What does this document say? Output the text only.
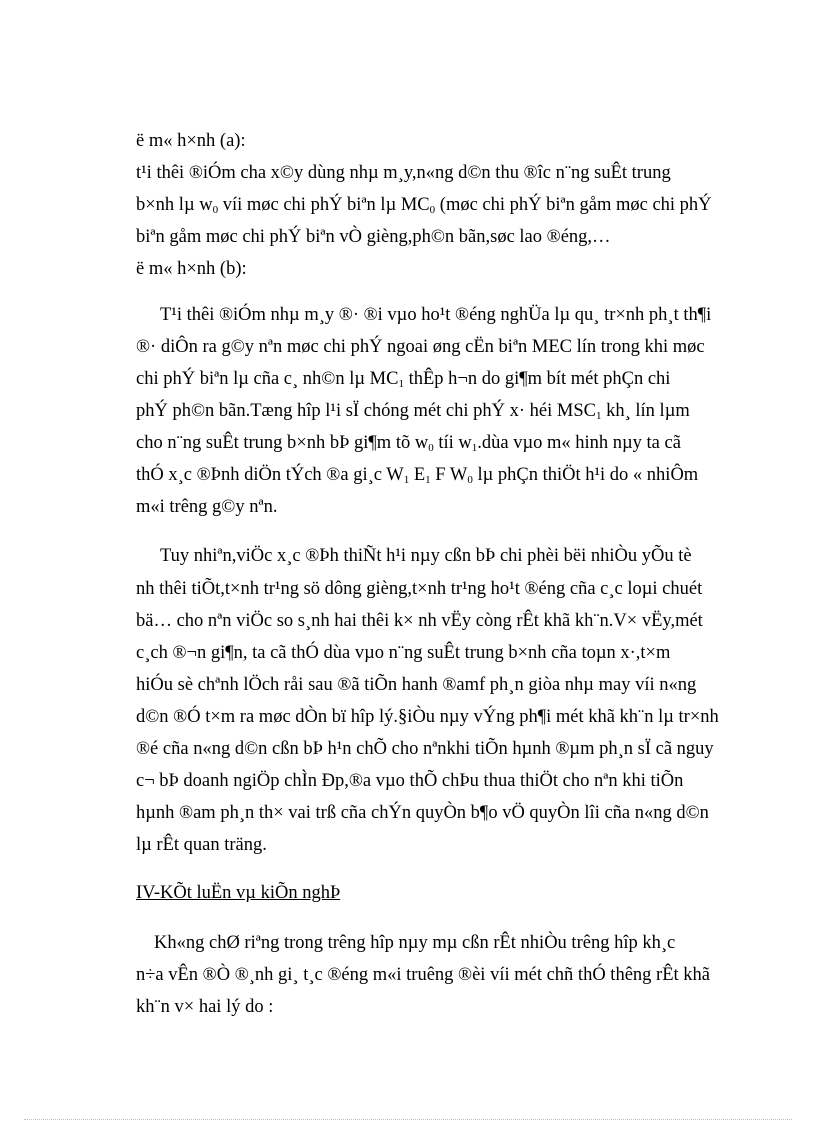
ë m« h×nh (a):
t¹i thêi ®iÓm cha x©y dùng nhµ m¸y,n«ng d©n thu ®îc n¨ng suÊt trung
b×nh lµ $w_0$ víi møc chi phÝ biªn lµ $MC_0$ (møc chi phÝ biªn gåm møc chi phÝ
biªn gåm møc chi phÝ biªn vÒ gièng,ph©n bãn,søc lao ®éng,…
ë m« h×nh (b):
T¹i thêi ®iÓm nhµ m¸y ®· ®i vµo ho¹t ®éng nghÜa lµ qu¸ tr×nh ph¸t th¶i
®· diÔn ra g©y nªn møc chi phÝ ngoai øng cËn biªn MEC lín trong khi møc
chi phÝ biªn lµ cña c¸ nh©n lµ $MC_1$ thÊp h¬n do gi¶m bít mét phÇn chi
phÝ ph©n bãn.Tæng hîp l¹i sÏ chóng mét chi phÝ x· héi $MSC_1$ kh¸ lín lµm
cho n¨ng suÊt trung b×nh bÞ gi¶m tõ $w_0$ tíi $w_1.dùa$ vµo m« hinh nµy ta cã
thÓ x¸c ®Þnh diÖn tÝch ®a gi¸c $W_1$ $E_1$ F $W_0$ lµ phÇn thiÖt h¹i do « nhiÔm
m«i trêng g©y nªn.
Tuy nhiªn,viÖc x¸c ®Þh thiÑt h¹i nµy cßn bÞ chi phèi bëi nhiÒu yÕu tè
nh thêi tiÕt,t×nh tr¹ng sö dông gièng,t×nh tr¹ng ho¹t ®éng cña c¸c loµi chuét
bä… cho nªn viÖc so s¸nh hai thêi k× nh vËy còng rÊt khã kh¨n.V× vËy,mét
c¸ch ®¬n gi¶n, ta cã thÓ dùa vµo n¨ng suÊt trung b×nh cña toµn x·,t×m
hiÓu sè chªnh lÖch råi sau ®ã tiÕn hanh ®amf ph¸n giòa nhµ may víi n«ng
d©n ®Ó t×m ra møc dÒn bï hîp lý.§iÒu nµy vÝng ph¶i mét khã kh¨n lµ tr×nh
®é cña n«ng d©n cßn bÞ h¹n chÕ cho nªnkhi tiÕn hµnh ®µm ph¸n sÏ cã nguy
c¬ bÞ doanh ngiÖp chÌn Ðp,®a vµo thÕ chÞu thua thiÖt cho nªn khi tiÕn
hµnh ®am ph¸n th× vai trß cña chÝn quyÒn b¶o vÖ quyÒn lîi cña n«ng d©n
lµ rÊt quan träng.
IV-KÕt luËn vµ kiÕn nghÞ
Kh«ng chØ riªng trong trêng hîp nµy mµ cßn rÊt nhiÒu trêng hîp kh¸c
n÷a vÊn ®Ò ®¸nh gi¸ t¸c ®éng m«i truêng ®èi víi mét chñ thÓ thêng rÊt khã
kh¨n v× hai lý do :
